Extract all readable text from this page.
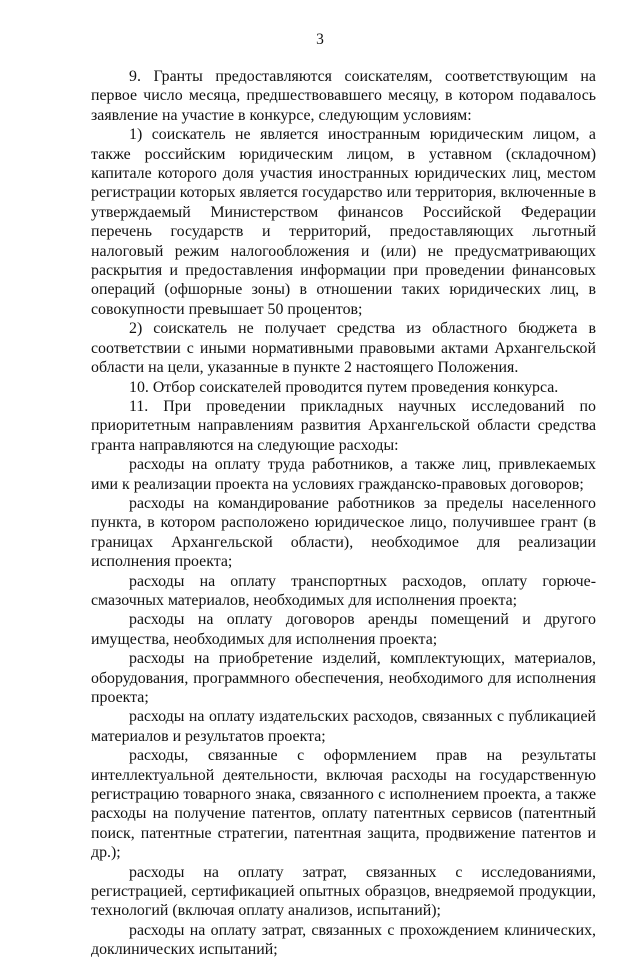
3

9. Гранты предоставляются соискателям, соответствующим на первое число месяца, предшествовавшего месяцу, в котором подавалось заявление на участие в конкурсе, следующим условиям:

1) соискатель не является иностранным юридическим лицом, а также российским юридическим лицом, в уставном (складочном) капитале которого доля участия иностранных юридических лиц, местом регистрации которых является государство или территория, включенные в утверждаемый Министерством финансов Российской Федерации перечень государств и территорий, предоставляющих льготный налоговый режим налогообложения и (или) не предусматривающих раскрытия и предоставления информации при проведении финансовых операций (офшорные зоны) в отношении таких юридических лиц, в совокупности превышает 50 процентов;

2) соискатель не получает средства из областного бюджета в соответствии с иными нормативными правовыми актами Архангельской области на цели, указанные в пункте 2 настоящего Положения.

10. Отбор соискателей проводится путем проведения конкурса.

11. При проведении прикладных научных исследований по приоритетным направлениям развития Архангельской области средства гранта направляются на следующие расходы:

расходы на оплату труда работников, а также лиц, привлекаемых ими к реализации проекта на условиях гражданско-правовых договоров;

расходы на командирование работников за пределы населенного пункта, в котором расположено юридическое лицо, получившее грант (в границах Архангельской области), необходимое для реализации исполнения проекта;

расходы на оплату транспортных расходов, оплату горюче-смазочных материалов, необходимых для исполнения проекта;

расходы на оплату договоров аренды помещений и другого имущества, необходимых для исполнения проекта;

расходы на приобретение изделий, комплектующих, материалов, оборудования, программного обеспечения, необходимого для исполнения проекта;

расходы на оплату издательских расходов, связанных с публикацией материалов и результатов проекта;

расходы, связанные с оформлением прав на результаты интеллектуальной деятельности, включая расходы на государственную регистрацию товарного знака, связанного с исполнением проекта, а также расходы на получение патентов, оплату патентных сервисов (патентный поиск, патентные стратегии, патентная защита, продвижение патентов и др.);

расходы на оплату затрат, связанных с исследованиями, регистрацией, сертификацией опытных образцов, внедряемой продукции, технологий (включая оплату анализов, испытаний);

расходы на оплату затрат, связанных с прохождением клинических, доклинических испытаний;
